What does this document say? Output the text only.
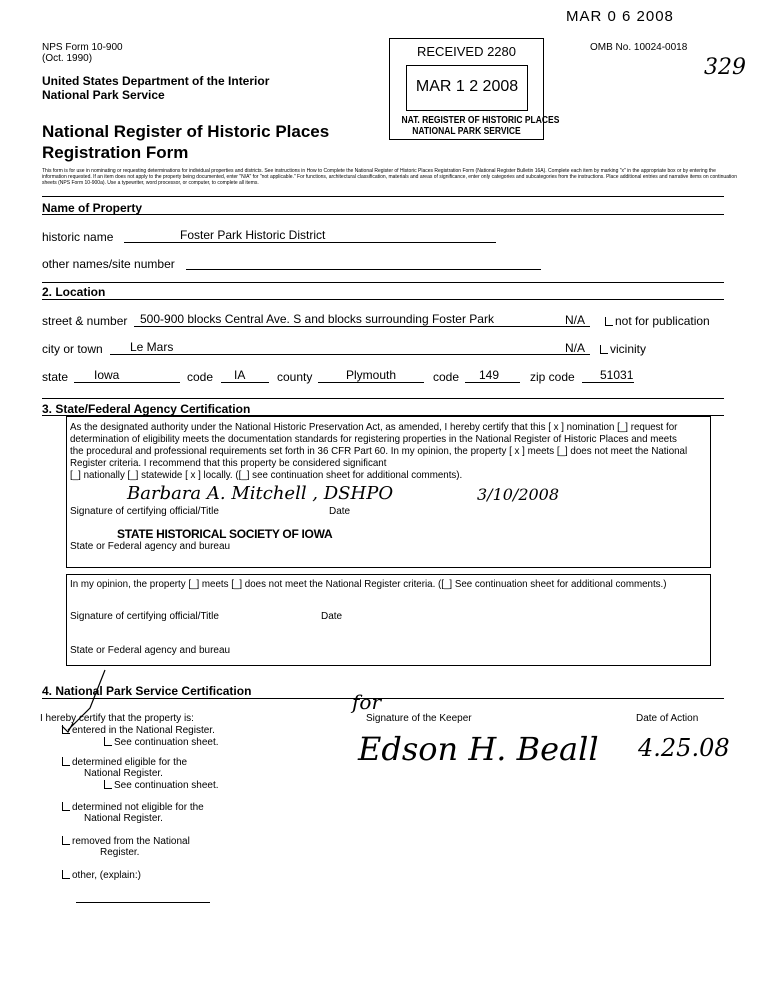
MAR 0 6 2008
329
RECEIVED 2280
MAR 1 2 2008
NAT. REGISTER OF HISTORIC PLACES
NATIONAL PARK SERVICE
NPS Form 10-900
(Oct. 1990)
OMB No. 10024-0018
United States Department of the Interior
National Park Service
National Register of Historic Places
Registration Form
This form is for use in nominating or requesting determinations for individual properties and districts. See instructions in How to Complete the National Register of Historic Places Registration Form (National Register Bulletin 16A). Complete each item by marking "x" in the appropriate box or by entering the information requested. If an item does not apply to the property being documented, enter "N/A" for "not applicable." For functions, architectural classification, materials and areas of significance, enter only categories and subcategories from the instructions. Place additional entries and narrative items on continuation sheets (NPS Form 10-900a). Use a typewriter, word processor, or computer, to complete all items.
Name of Property
historic name	Foster Park Historic District
other names/site number
2. Location
street & number	500-900 blocks Central Ave. S and blocks surrounding Foster Park	N/A	not for publication
city or town	Le Mars	N/A	vicinity
state	Iowa	code	IA	county	Plymouth	code	149	zip code	51031
3. State/Federal Agency Certification
As the designated authority under the National Historic Preservation Act, as amended, I hereby certify that this [ x ] nomination [_] request for
determination of eligibility meets the documentation standards for registering properties in the National Register of Historic Places and meets
the procedural and professional requirements set forth in 36 CFR Part 60. In my opinion, the property [ x ] meets [_] does not meet the National
Register criteria. I recommend that this property be considered significant
[_] nationally [_] statewide [ x ] locally. ([_] see continuation sheet for additional comments).
Barbara A. Mitchell , DSHPO	3/10/2008
Signature of certifying official/Title	Date
STATE HISTORICAL SOCIETY OF IOWA
State or Federal agency and bureau
In my opinion, the property [_] meets [_] does not meet the National Register criteria. ([_] See continuation sheet for additional comments.)
Signature of certifying official/Title	Date
State or Federal agency and bureau
4. National Park Service Certification
I hereby certify that the property is:
entered in the National Register.
See continuation sheet.
determined eligible for the
National Register.
See continuation sheet.
determined not eligible for the
National Register.
removed from the National
Register.
other, (explain:)
for
Signature of the Keeper
Edson H. Beall
Date of Action
4.25.08
